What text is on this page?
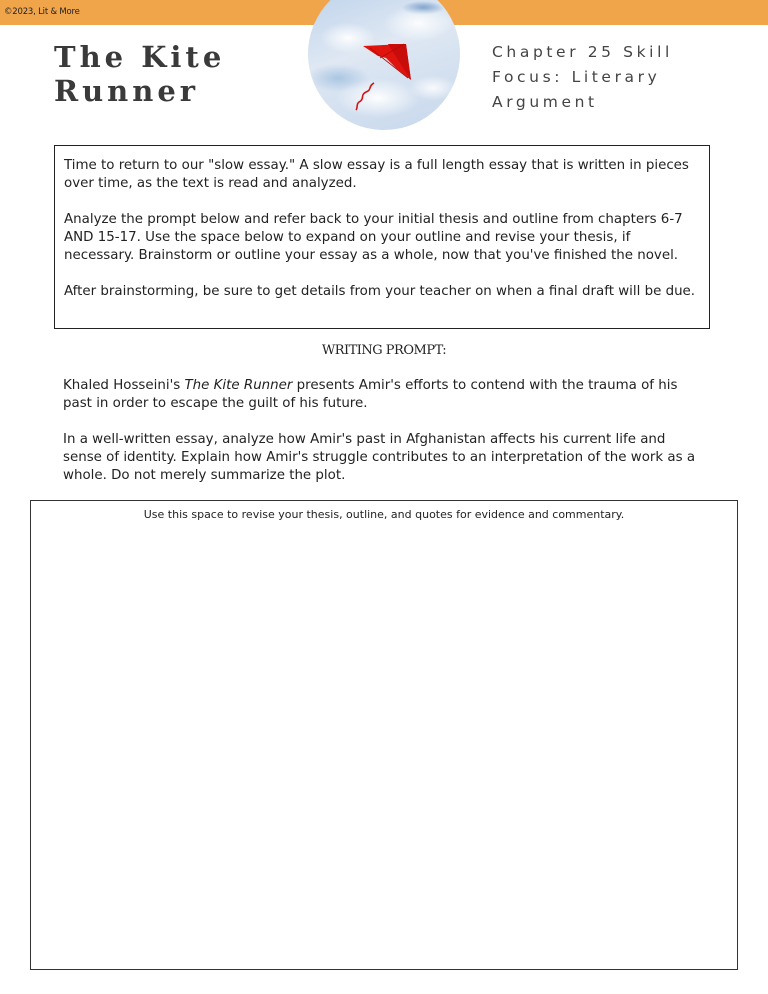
©2023, Lit & More
The Kite
Runner
Chapter 25 Skill
Focus: Literary
Argument

Time to return to our "slow essay." A slow essay is a full length essay that is written in pieces over time, as the text is read and analyzed.

Analyze the prompt below and refer back to your initial thesis and outline from chapters 6-7 AND 15-17. Use the space below to expand on your outline and revise your thesis, if necessary. Brainstorm or outline your essay as a whole, now that you've finished the novel.

After brainstorming, be sure to get details from your teacher on when a final draft will be due.

WRITING PROMPT:

Khaled Hosseini's The Kite Runner presents Amir's efforts to contend with the trauma of his past in order to escape the guilt of his future.

In a well-written essay, analyze how Amir's past in Afghanistan affects his current life and sense of identity. Explain how Amir's struggle contributes to an interpretation of the work as a whole. Do not merely summarize the plot.

Use this space to revise your thesis, outline, and quotes for evidence and commentary.
